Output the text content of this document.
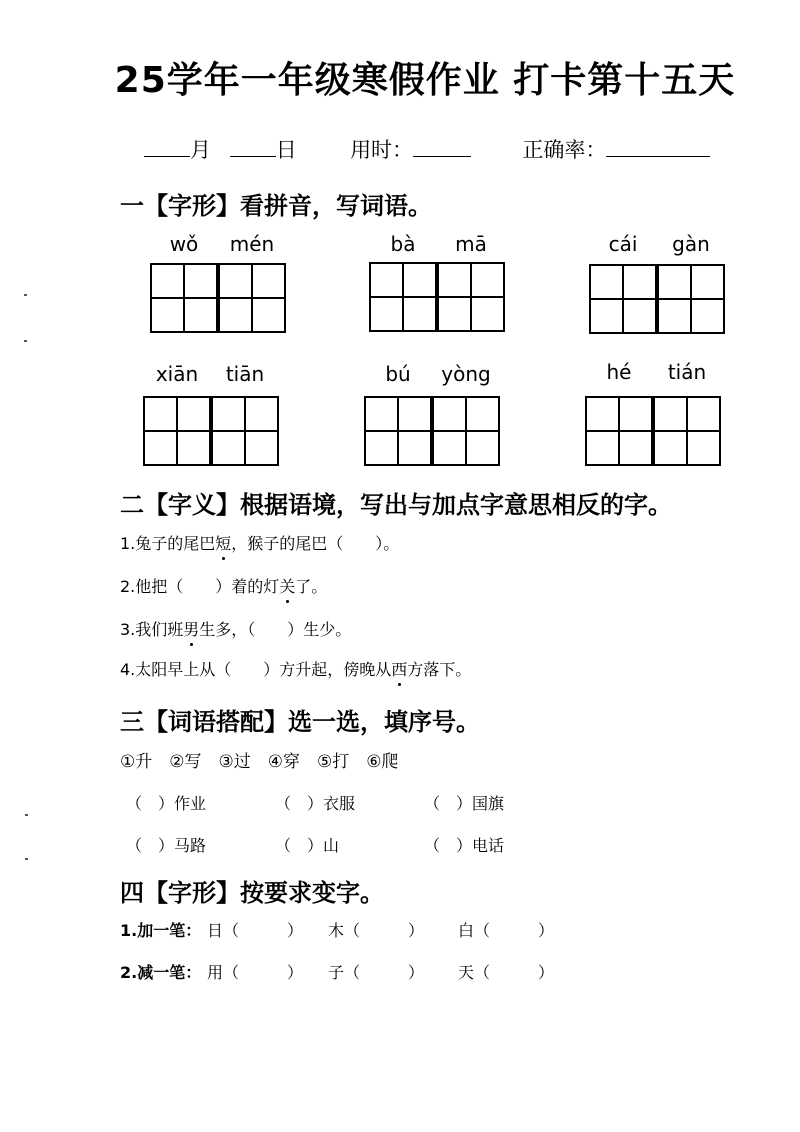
25学年一年级寒假作业 打卡第十五天
月	日	用时：	正确率：
一【字形】看拼音，写词语。
wǒ	mén	bà	mā	cái	gàn
xiān	tiān	bú	yòng	hé	tián
二【字义】根据语境，写出与加点字意思相反的字。
1.兔子的尾巴短，猴子的尾巴（　　）。
2.他把（　　）着的灯关了。
3.我们班男生多，（　　）生少。
4.太阳早上从（　　）方升起，傍晚从西方落下。
三【词语搭配】选一选，填序号。
①升　②写　③过　④穿　⑤打　⑥爬
（　）作业	（　）衣服	（　）国旗
（　）马路	（　）山	（　）电话
四【字形】按要求变字。
1.加一笔： 日（　　　） 木（　　　） 白（　　　）
2.减一笔： 用（　　　） 子（　　　） 天（　　　）
